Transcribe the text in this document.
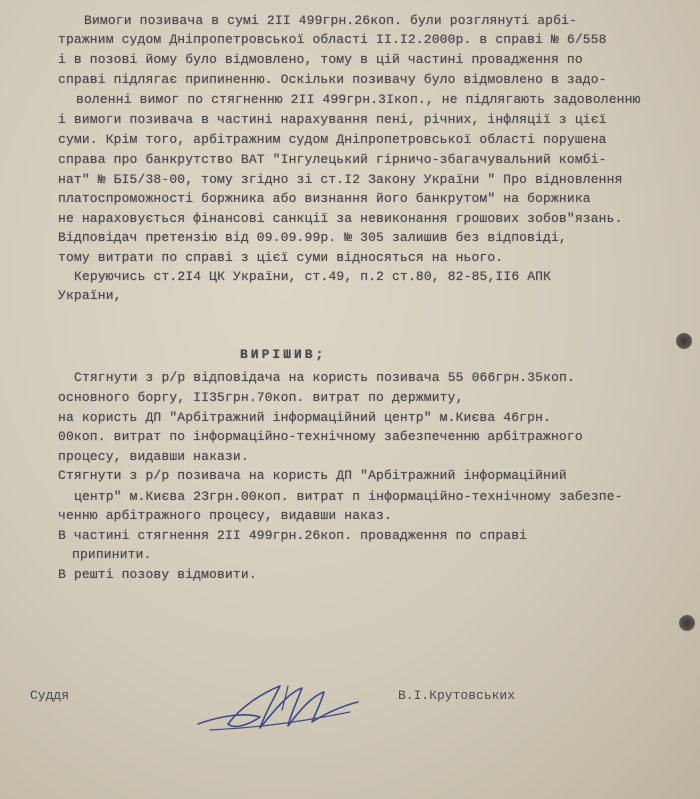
Вимоги позивача в сумі 2II 499грн.26коп. були розглянуті арбі-
тражним судом Дніпропетровської області II.I2.2000р. в справі № 6/558
і в позові йому було відмовлено, тому в цій частині провадження по
справі підлягає припиненню. Оскільки позивачу було відмовлено в задо-
воленні вимог по стягненню 2II 499грн.3Iкоп., не підлягають задоволенню
і вимоги позивача в частині нарахування пені, річних, інфляції з цієї
суми. Крім того, арбітражним судом Дніпропетровської області порушена
справа про банкрутство ВАТ "Інгулецький гірничо-збагачувальний комбі-
нат" № БI5/38-00, тому згідно зі ст.I2 Закону України " Про відновлення
платоспроможності боржника або визнання його банкрутом" на боржника
не нараховується фінансові санкції за невиконання грошових зобов"язань.
Відповідач претензію від 09.09.99р. № 305 залишив без відповіді,
тому витрати по справі з цієї суми відносяться на нього.
Керуючись ст.2I4 ЦК України, ст.49, п.2 ст.80, 82-85,II6 АПК
України,
ВИРІШИВ;
Стягнути з р/р відповідача на користь позивача 55 066грн.35коп.
основного боргу, II35грн.70коп. витрат по держмиту,
на користь ДП "Арбітражний інформаційний центр" м.Києва 46грн.
00коп. витрат по інформаційно-технічному забезпеченню арбітражного
процесу, видавши накази.
Стягнути з р/р позивача на користь ДП "Арбітражний інформаційний
центр" м.Києва 23грн.00коп. витрат п інформаційно-технічному забезпе-
ченню арбітражного процесу, видавши наказ.
В частині стягнення 2II 499грн.26коп. провадження по справі
припинити.
В решті позову відмовити.
Суддя	В.І.Крутовських
